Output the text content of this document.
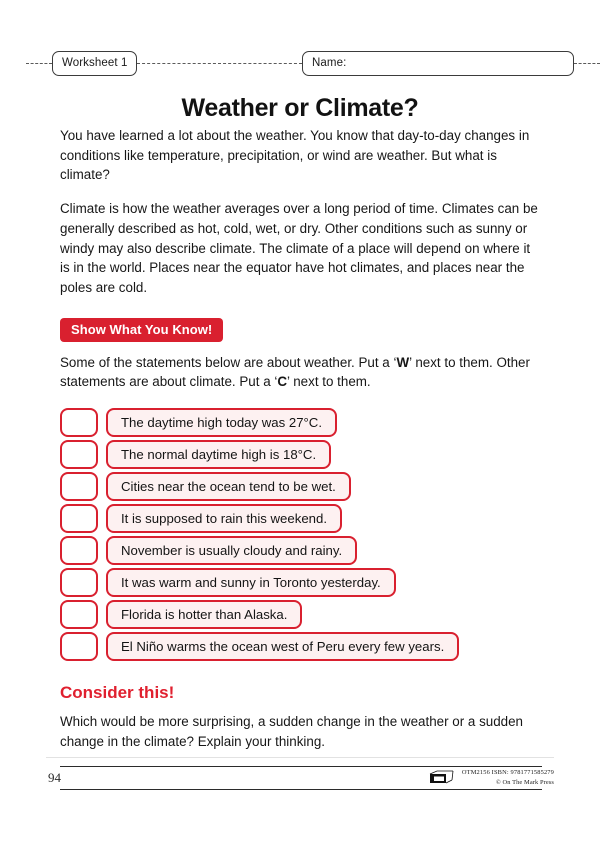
Worksheet 1	Name:
Weather or Climate?

You have learned a lot about the weather. You know that day-to-day changes in conditions like temperature, precipitation, or wind are weather. But what is climate?

Climate is how the weather averages over a long period of time. Climates can be generally described as hot, cold, wet, or dry. Other conditions such as sunny or windy may also describe climate. The climate of a place will depend on where it is in the world. Places near the equator have hot climates, and places near the poles are cold.

Show What You Know!

Some of the statements below are about weather. Put a ‘W’ next to them. Other statements are about climate. Put a ‘C’ next to them.

The daytime high today was 27°C.
The normal daytime high is 18°C.
Cities near the ocean tend to be wet.
It is supposed to rain this weekend.
November is usually cloudy and rainy.
It was warm and sunny in Toronto yesterday.
Florida is hotter than Alaska.
El Niño warms the ocean west of Peru every few years.
Consider this!

Which would be more surprising, a sudden change in the weather or a sudden change in the climate? Explain your thinking.

94	OTM2156 ISBN: 9781771585279
© On The Mark Press
